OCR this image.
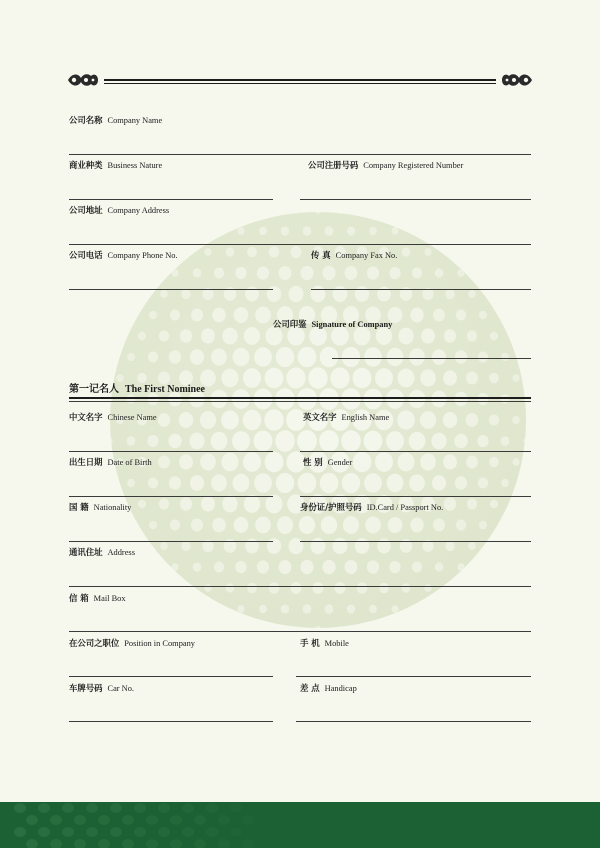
公司名称 Company Name
商业种类 Business Nature	公司注册号码 Company Registered Number
公司地址 Company Address
公司电话 Company Phone No.	传 真 Company Fax No.
公司印鉴 Signature of Company
第一记名人 The First Nominee
中文名字 Chinese Name	英文名字 English Name
出生日期 Date of Birth	性 别 Gender
国 籍 Nationality	身份证/护照号码 ID.Card / Passport No.
通讯住址 Address
信 箱 Mail Box
在公司之职位 Position in Company	手 机 Mobile
车牌号码 Car No.	差 点 Handicap
